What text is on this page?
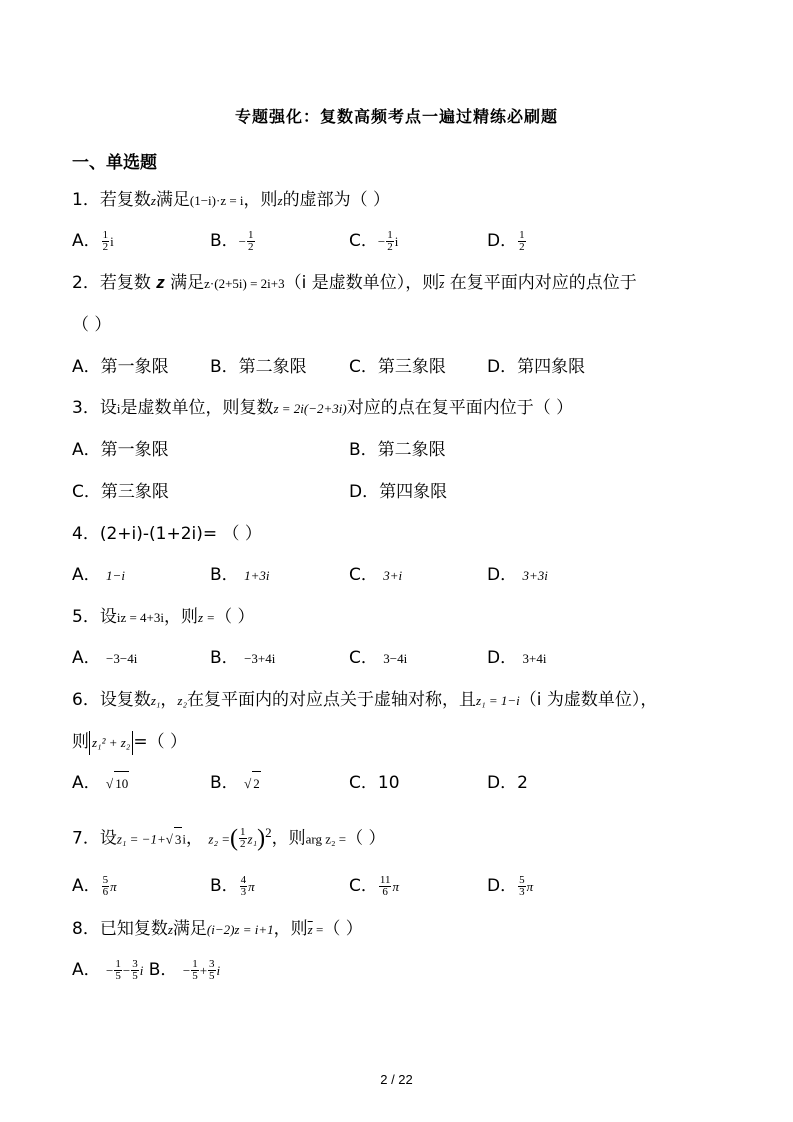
专题强化：复数高频考点一遍过精练必刷题
一、单选题
1．若复数z满足(1−i)·z = i，则z的虚部为（ ）
A． $\frac{1}{2}$ i	B．− $\frac{1}{2}$	C．− $\frac{1}{2}$ i	D． $\frac{1}{2}$
2．若复数 z 满足z·(2+5i) = 2i+3（i 是虚数单位），则$\overline{z}$ 在复平面内对应的点位于
（ ）
A．第一象限 B．第二象限 C．第三象限 D．第四象限
3．设i是虚数单位，则复数z = 2i(−2+3i)对应的点在复平面内位于（ ）
A．第一象限	B．第二象限
C．第三象限	D．第四象限
4．(2+i)-(1+2i)= （ ）
A． 1−i	B． 1+3i	C． 3+i	D． 3+3i
5．设iz = 4+3i，则z =（ ）
A． −3−4i	B． −3+4i	C． 3−4i	D． 3+4i
6．设复数z₁，z₂在复平面内的对应点关于虚轴对称，且z₁ = 1−i（i 为虚数单位），
则 z₁² + z₂ =（ ）
A． √ 10	B． √ 2	C．10	D．2
7．设z₁ = −1+√ 3i， z₂ =( $\frac{1}{2} z_1)^2$，则arg z₂ =（ ）
A． $\frac{5}{6}$ π	B． $\frac{4}{3}$ π	C． $\frac{11}{6}$ π	D． $\frac{5}{3}$ π
8．已知复数z满足(i−2)z = i+1，则$\overline{z}$ =（ ）
A． − $\frac{1}{5} - \frac{3}{5}$ i B． − $\frac{1}{5} + \frac{3}{5}$ i
2 / 22
